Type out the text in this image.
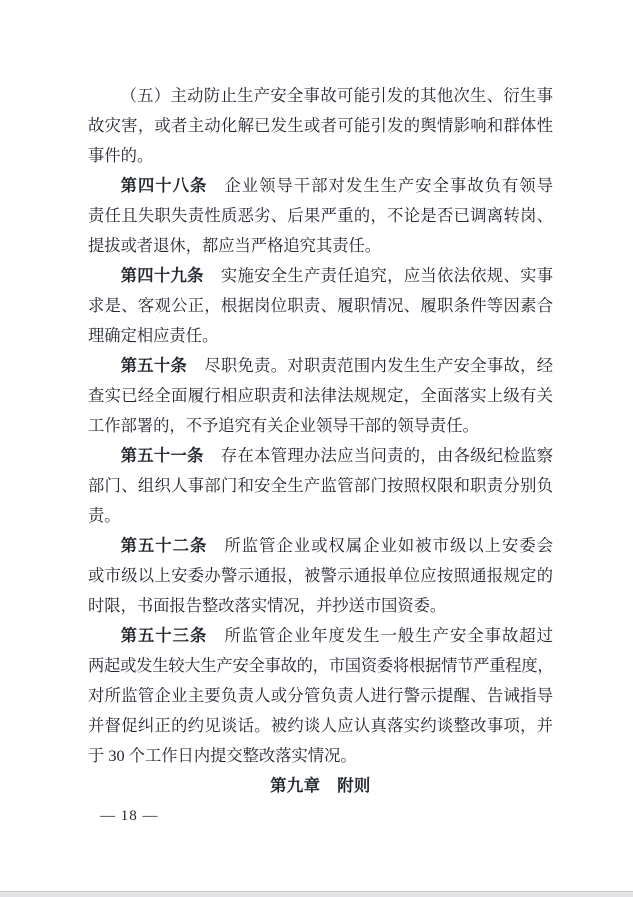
（五）主动防止生产安全事故可能引发的其他次生、衍生事
故灾害，或者主动化解已发生或者可能引发的舆情影响和群体性
事件的。
第四十八条 企业领导干部对发生生产安全事故负有领导
责任且失职失责性质恶劣、后果严重的，不论是否已调离转岗、
提拔或者退休，都应当严格追究其责任。
第四十九条 实施安全生产责任追究，应当依法依规、实事
求是、客观公正，根据岗位职责、履职情况、履职条件等因素合
理确定相应责任。
第五十条 尽职免责。对职责范围内发生生产安全事故，经
查实已经全面履行相应职责和法律法规规定，全面落实上级有关
工作部署的，不予追究有关企业领导干部的领导责任。
第五十一条 存在本管理办法应当问责的，由各级纪检监察
部门、组织人事部门和安全生产监管部门按照权限和职责分别负
责。
第五十二条 所监管企业或权属企业如被市级以上安委会
或市级以上安委办警示通报，被警示通报单位应按照通报规定的
时限，书面报告整改落实情况，并抄送市国资委。
第五十三条 所监管企业年度发生一般生产安全事故超过
两起或发生较大生产安全事故的，市国资委将根据情节严重程度，
对所监管企业主要负责人或分管负责人进行警示提醒、告诫指导
并督促纠正的约见谈话。被约谈人应认真落实约谈整改事项，并
于 30 个工作日内提交整改落实情况。
第九章　附则
— 18 —
